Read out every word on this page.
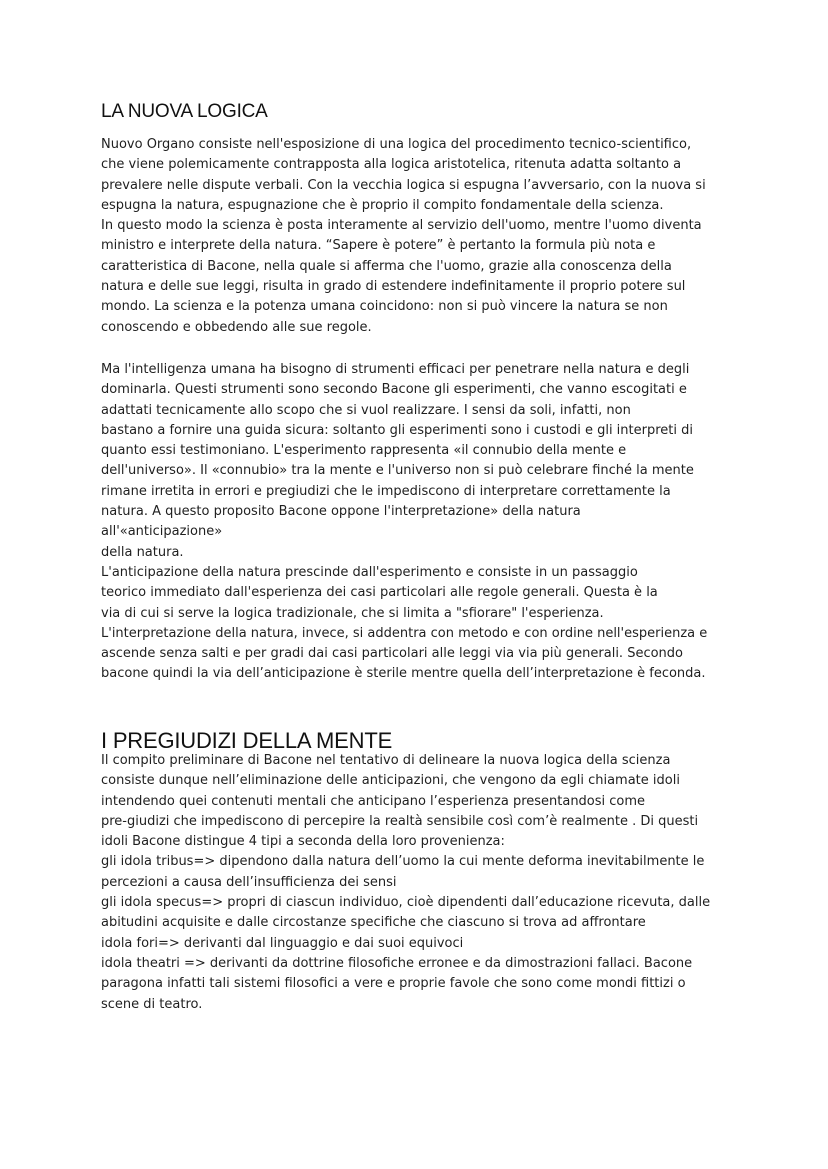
LA NUOVA LOGICA
Nuovo Organo consiste nell'esposizione di una logica del procedimento tecnico-scientifico,
che viene polemicamente contrapposta alla logica aristotelica, ritenuta adatta soltanto a
prevalere nelle dispute verbali. Con la vecchia logica si espugna l’avversario, con la nuova si
espugna la natura, espugnazione che è proprio il compito fondamentale della scienza.
In questo modo la scienza è posta interamente al servizio dell'uomo, mentre l'uomo diventa
ministro e interprete della natura. “Sapere è potere” è pertanto la formula più nota e
caratteristica di Bacone, nella quale si afferma che l'uomo, grazie alla conoscenza della
natura e delle sue leggi, risulta in grado di estendere indefinitamente il proprio potere sul
mondo. La scienza e la potenza umana coincidono: non si può vincere la natura se non
conoscendo e obbedendo alle sue regole.
Ma l'intelligenza umana ha bisogno di strumenti efficaci per penetrare nella natura e degli
dominarla. Questi strumenti sono secondo Bacone gli esperimenti, che vanno escogitati e
adattati tecnicamente allo scopo che si vuol realizzare. I sensi da soli, infatti, non
bastano a fornire una guida sicura: soltanto gli esperimenti sono i custodi e gli interpreti di
quanto essi testimoniano. L'esperimento rappresenta «il connubio della mente e
dell'universo». Il «connubio» tra la mente e l'universo non si può celebrare finché la mente
rimane irretita in errori e pregiudizi che le impediscono di interpretare correttamente la
natura. A questo proposito Bacone oppone l'interpretazione» della natura
all'«anticipazione»
della natura.
L'anticipazione della natura prescinde dall'esperimento e consiste in un passaggio
teorico immediato dall'esperienza dei casi particolari alle regole generali. Questa è la
via di cui si serve la logica tradizionale, che si limita a "sfiorare" l'esperienza.
L'interpretazione della natura, invece, si addentra con metodo e con ordine nell'esperienza e
ascende senza salti e per gradi dai casi particolari alle leggi via via più generali. Secondo
bacone quindi la via dell’anticipazione è sterile mentre quella dell’interpretazione è feconda.
I PREGIUDIZI DELLA MENTE
Il compito preliminare di Bacone nel tentativo di delineare la nuova logica della scienza
consiste dunque nell’eliminazione delle anticipazioni, che vengono da egli chiamate idoli
intendendo quei contenuti mentali che anticipano l’esperienza presentandosi come
pre-giudizi che impediscono di percepire la realtà sensibile così com’è realmente . Di questi
idoli Bacone distingue 4 tipi a seconda della loro provenienza:
gli idola tribus=> dipendono dalla natura dell’uomo la cui mente deforma inevitabilmente le
percezioni a causa dell’insufficienza dei sensi
gli idola specus=> propri di ciascun individuo, cioè dipendenti dall’educazione ricevuta, dalle
abitudini acquisite e dalle circostanze specifiche che ciascuno si trova ad affrontare
idola fori=> derivanti dal linguaggio e dai suoi equivoci
idola theatri => derivanti da dottrine filosofiche erronee e da dimostrazioni fallaci. Bacone
paragona infatti tali sistemi filosofici a vere e proprie favole che sono come mondi fittizi o
scene di teatro.
